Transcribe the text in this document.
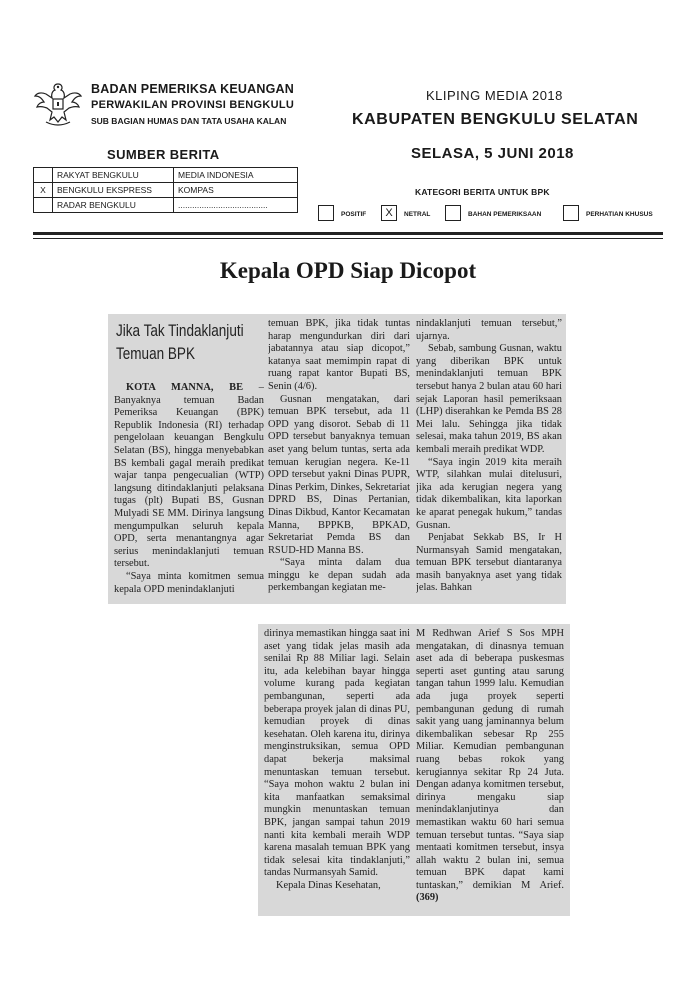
BADAN PEMERIKSA KEUANGAN
PERWAKILAN PROVINSI BENGKULU
SUB BAGIAN HUMAS DAN TATA USAHA KALAN
KLIPING MEDIA 2018
KABUPATEN BENGKULU SELATAN
SUMBER BERITA	SELASA, 5 JUNI 2018
	RAKYAT BENGKULU	MEDIA INDONESIA
X	BENGKULU EKSPRESS	KOMPAS
	RADAR BENGKULU	......................................
KATEGORI BERITA UNTUK BPK
POSITIF	X	NETRAL	BAHAN PEMERIKSAAN	PERHATIAN KHUSUS
Kepala OPD Siap Dicopot
Jika Tak Tindaklanjuti
Temuan BPK

KOTA MANNA, BE – Banyaknya temuan Badan Pemeriksa Keuangan (BPK) Republik Indonesia (RI) terhadap pengelolaan keuangan Bengkulu Selatan (BS), hingga menyebabkan BS kembali gagal meraih predikat wajar tanpa pengecualian (WTP) langsung ditindaklanjuti pelaksana tugas (plt) Bupati BS, Gusnan Mulyadi SE MM. Dirinya langsung mengumpulkan seluruh kepala OPD, serta menantangnya agar serius menindaklanjuti temuan tersebut.

“Saya minta komitmen semua kepala OPD menindaklanjuti

temuan BPK, jika tidak tuntas harap mengundurkan diri dari jabatannya atau siap dicopot,” katanya saat memimpin rapat di ruang rapat kantor Bupati BS, Senin (4/6).

Gusnan mengatakan, dari temuan BPK tersebut, ada 11 OPD yang disorot. Sebab di 11 OPD tersebut banyaknya temuan aset yang belum tuntas, serta ada temuan kerugian negera. Ke-11 OPD tersebut yakni Dinas PUPR, Dinas Perkim, Dinkes, Sekretariat DPRD BS, Dinas Pertanian, Dinas Dikbud, Kantor Kecamatan Manna, BPPKB, BPKAD, Sekretariat Pemda BS dan RSUD-HD Manna BS.

“Saya minta dalam dua minggu ke depan sudah ada perkembangan kegiatan me-

nindaklanjuti temuan tersebut,” ujarnya.

Sebab, sambung Gusnan, waktu yang diberikan BPK untuk menindaklanjuti temuan BPK tersebut hanya 2 bulan atau 60 hari sejak Laporan hasil pemeriksaan (LHP) diserahkan ke Pemda BS 28 Mei lalu. Sehingga jika tidak selesai, maka tahun 2019, BS akan kembali meraih predikat WDP.

“Saya ingin 2019 kita meraih WTP, silahkan mulai ditelusuri, jika ada kerugian negera yang tidak dikembalikan, kita laporkan ke aparat penegak hukum,” tandas Gusnan.

Penjabat Sekkab BS, Ir H Nurmansyah Samid mengatakan, temuan BPK tersebut diantaranya masih banyaknya aset yang tidak jelas. Bahkan

dirinya memastikan hingga saat ini aset yang tidak jelas masih ada senilai Rp 88 Miliar lagi. Selain itu, ada kelebihan bayar hingga volume kurang pada kegiatan pembangunan, seperti ada beberapa proyek jalan di dinas PU, kemudian proyek di dinas kesehatan. Oleh karena itu, dirinya menginstruksikan, semua OPD dapat bekerja maksimal menuntaskan temuan tersebut. “Saya mohon waktu 2 bulan ini kita manfaatkan semaksimal mungkin menuntaskan temuan BPK, jangan sampai tahun 2019 nanti kita kembali meraih WDP karena masalah temuan BPK yang tidak selesai kita tindaklanjuti,” tandas Nurmansyah Samid.

Kepala Dinas Kesehatan,

M Redhwan Arief S Sos MPH mengatakan, di dinasnya temuan aset ada di beberapa puskesmas seperti aset gunting atau sarung tangan tahun 1999 lalu. Kemudian ada juga proyek seperti pembangunan gedung di rumah sakit yang uang jaminannya belum dikembalikan sebesar Rp 255 Miliar. Kemudian pembangunan ruang bebas rokok yang kerugiannya sekitar Rp 24 Juta. Dengan adanya komitmen tersebut, dirinya mengaku siap menindaklanjutinya dan memastikan waktu 60 hari semua temuan tersebut tuntas. “Saya siap mentaati komitmen tersebut, insya allah waktu 2 bulan ini, semua temuan BPK dapat kami tuntaskan,” demikian M Arief. (369)
